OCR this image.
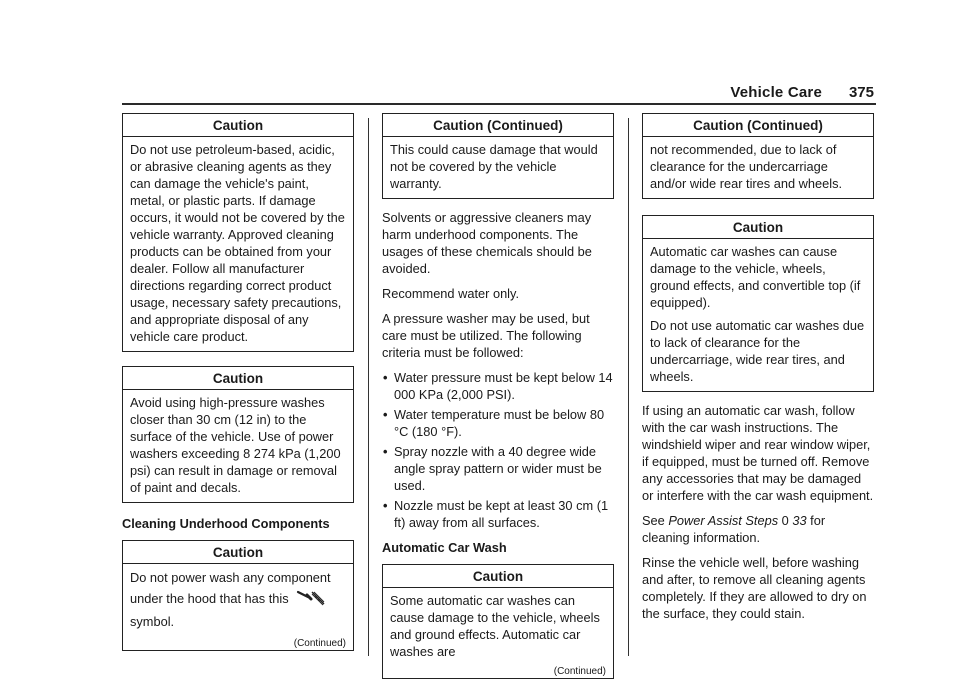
Vehicle Care 375
Caution

Do not use petroleum-based, acidic, or abrasive cleaning agents as they can damage the vehicle's paint, metal, or plastic parts. If damage occurs, it would not be covered by the vehicle warranty. Approved cleaning products can be obtained from your dealer. Follow all manufacturer directions regarding correct product usage, necessary safety precautions, and appropriate disposal of any vehicle care product.

Caution

Avoid using high-pressure washes closer than 30 cm (12 in) to the surface of the vehicle. Use of power washers exceeding 8 274 kPa (1,200 psi) can result in damage or removal of paint and decals.

Cleaning Underhood Components
Caution

Do not power wash any component under the hood that has this
symbol.

(Continued)
Caution (Continued)

This could cause damage that would not be covered by the vehicle warranty.

Solvents or aggressive cleaners may harm underhood components. The usages of these chemicals should be avoided.

Recommend water only.

A pressure washer may be used, but care must be utilized. The following criteria must be followed:

• Water pressure must be kept below 14 000 KPa (2,000 PSI).
• Water temperature must be below 80 °C (180 °F).
• Spray nozzle with a 40 degree wide angle spray pattern or wider must be used.
• Nozzle must be kept at least 30 cm (1 ft) away from all surfaces.
Automatic Car Wash
Caution

Some automatic car washes can cause damage to the vehicle, wheels and ground effects. Automatic car washes are

(Continued)
Caution (Continued)

not recommended, due to lack of clearance for the undercarriage and/or wide rear tires and wheels.

Caution

Automatic car washes can cause damage to the vehicle, wheels, ground effects, and convertible top (if equipped).

Do not use automatic car washes due to lack of clearance for the undercarriage, wide rear tires, and wheels.

If using an automatic car wash, follow with the car wash instructions. The windshield wiper and rear window wiper, if equipped, must be turned off. Remove any accessories that may be damaged or interfere with the car wash equipment.

See Power Assist Steps 0 33 for cleaning information.

Rinse the vehicle well, before washing and after, to remove all cleaning agents completely. If they are allowed to dry on the surface, they could stain.
